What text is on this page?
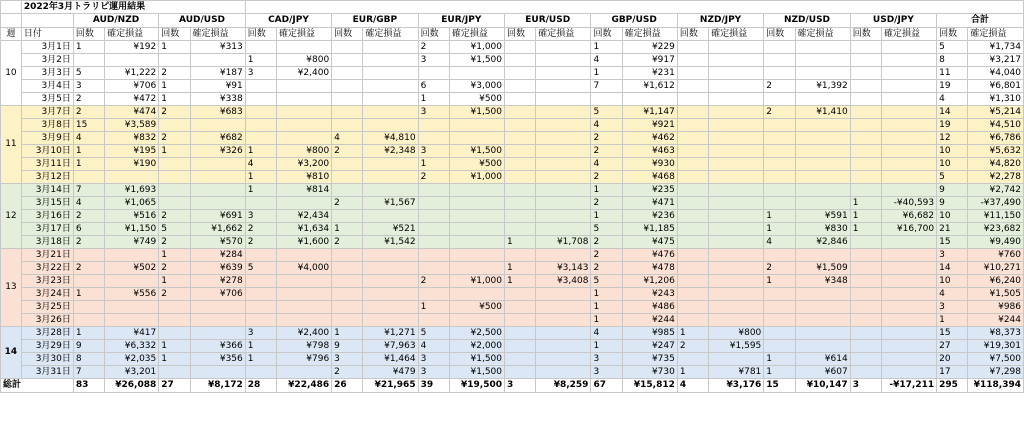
	2022年3月トラリピ運用結果																						
		AUD/NZD		AUD/USD		CAD/JPY		EUR/GBP		EUR/JPY		EUR/USD		GBP/USD		NZD/JPY		NZD/USD		USD/JPY		合計	
週	日付	回数	確定損益	回数	確定損益	回数	確定損益	回数	確定損益	回数	確定損益	回数	確定損益	回数	確定損益	回数	確定損益	回数	確定損益	回数	確定損益	回数	確定損益
10	3月1日	1	¥192	1	¥313					2	¥1,000			1	¥229							5	¥1,734
	3月2日					1	¥800			3	¥1,500			4	¥917							8	¥3,217
	3月3日	5	¥1,222	2	¥187	3	¥2,400							1	¥231							11	¥4,040
	3月4日	3	¥706	1	¥91					6	¥3,000			7	¥1,612			2	¥1,392			19	¥6,801
	3月5日	2	¥472	1	¥338					1	¥500											4	¥1,310
11	3月7日	2	¥474	2	¥683					3	¥1,500			5	¥1,147			2	¥1,410			14	¥5,214
	3月8日	15	¥3,589											4	¥921							19	¥4,510
	3月9日	4	¥832	2	¥682			4	¥4,810					2	¥462							12	¥6,786
	3月10日	1	¥195	1	¥326	1	¥800	2	¥2,348	3	¥1,500			2	¥463							10	¥5,632
	3月11日	1	¥190			4	¥3,200			1	¥500			4	¥930							10	¥4,820
	3月12日					1	¥810			2	¥1,000			2	¥468							5	¥2,278
12	3月14日	7	¥1,693			1	¥814							1	¥235							9	¥2,742
	3月15日	4	¥1,065					2	¥1,567					2	¥471					1	-¥40,593	9	-¥37,490
	3月16日	2	¥516	2	¥691	3	¥2,434							1	¥236			1	¥591	1	¥6,682	10	¥11,150
	3月17日	6	¥1,150	5	¥1,662	2	¥1,634	1	¥521					5	¥1,185			1	¥830	1	¥16,700	21	¥23,682
	3月18日	2	¥749	2	¥570	2	¥1,600	2	¥1,542			1	¥1,708	2	¥475			4	¥2,846			15	¥9,490
13	3月21日			1	¥284									2	¥476							3	¥760
	3月22日	2	¥502	2	¥639	5	¥4,000					1	¥3,143	2	¥478			2	¥1,509			14	¥10,271
	3月23日			1	¥278					2	¥1,000	1	¥3,408	5	¥1,206			1	¥348			10	¥6,240
	3月24日	1	¥556	2	¥706									1	¥243							4	¥1,505
	3月25日									1	¥500			1	¥486							3	¥986
	3月26日													1	¥244							1	¥244
14	3月28日	1	¥417			3	¥2,400	1	¥1,271	5	¥2,500			4	¥985	1	¥800					15	¥8,373
	3月29日	9	¥6,332	1	¥366	1	¥798	9	¥7,963	4	¥2,000			1	¥247	2	¥1,595					27	¥19,301
	3月30日	8	¥2,035	1	¥356	1	¥796	3	¥1,464	3	¥1,500			3	¥735			1	¥614			20	¥7,500
	3月31日	7	¥3,201					2	¥479	3	¥1,500			3	¥730	1	¥781	1	¥607			17	¥7,298
総計		83	¥26,088	27	¥8,172	28	¥22,486	26	¥21,965	39	¥19,500	3	¥8,259	67	¥15,812	4	¥3,176	15	¥10,147	3	-¥17,211	295	¥118,394
